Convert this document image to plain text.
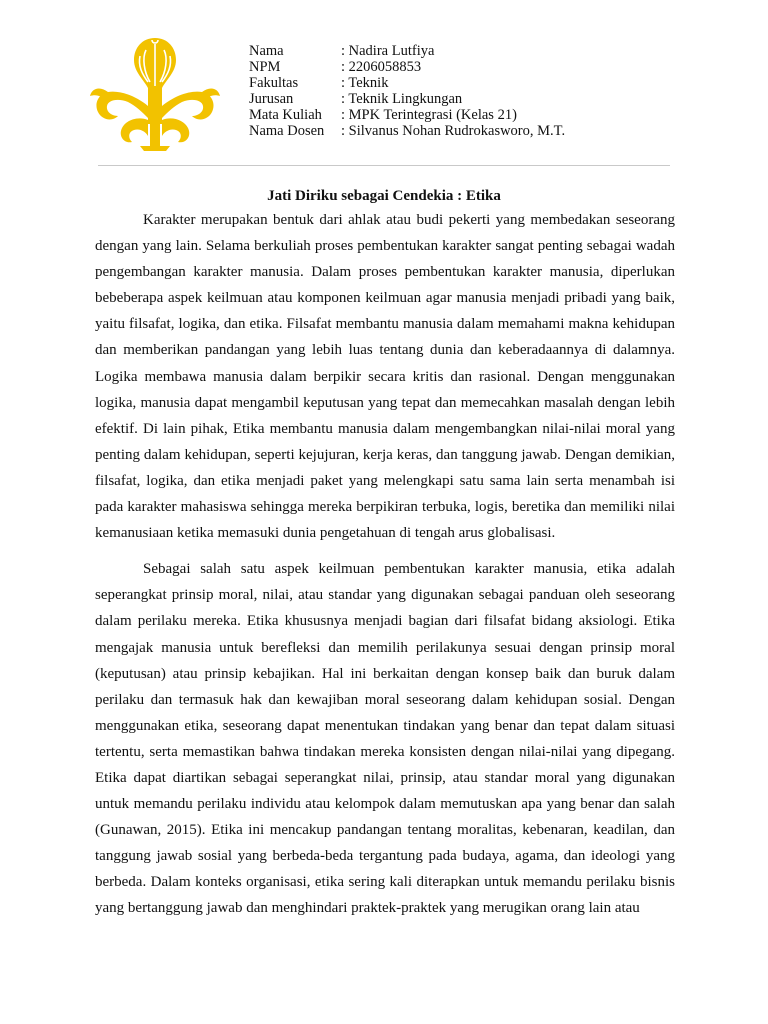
Nama	: Nadira Lutfiya
NPM	: 2206058853
Fakultas	: Teknik
Jurusan	: Teknik Lingkungan
Mata Kuliah	: MPK Terintegrasi (Kelas 21)
Nama Dosen	: Silvanus Nohan Rudrokasworo, M.T.
Jati Diriku sebagai Cendekia : Etika

Karakter merupakan bentuk dari ahlak atau budi pekerti yang membedakan seseorang dengan yang lain. Selama berkuliah proses pembentukan karakter sangat penting sebagai wadah pengembangan karakter manusia. Dalam proses pembentukan karakter manusia, diperlukan bebeberapa aspek keilmuan atau komponen keilmuan agar manusia menjadi pribadi yang baik, yaitu filsafat, logika, dan etika. Filsafat membantu manusia dalam memahami makna kehidupan dan memberikan pandangan yang lebih luas tentang dunia dan keberadaannya di dalamnya. Logika membawa manusia dalam berpikir secara kritis dan rasional. Dengan menggunakan logika, manusia dapat mengambil keputusan yang tepat dan memecahkan masalah dengan lebih efektif. Di lain pihak, Etika membantu manusia dalam mengembangkan nilai-nilai moral yang penting dalam kehidupan, seperti kejujuran, kerja keras, dan tanggung jawab. Dengan demikian, filsafat, logika, dan etika menjadi paket yang melengkapi satu sama lain serta menambah isi pada karakter mahasiswa sehingga mereka berpikiran terbuka, logis, beretika dan memiliki nilai kemanusiaan ketika memasuki dunia pengetahuan di tengah arus globalisasi.

Sebagai salah satu aspek keilmuan pembentukan karakter manusia, etika adalah seperangkat prinsip moral, nilai, atau standar yang digunakan sebagai panduan oleh seseorang dalam perilaku mereka. Etika khususnya menjadi bagian dari filsafat bidang aksiologi. Etika mengajak manusia untuk berefleksi dan memilih perilakunya sesuai dengan prinsip moral (keputusan) atau prinsip kebajikan. Hal ini berkaitan dengan konsep baik dan buruk dalam perilaku dan termasuk hak dan kewajiban moral seseorang dalam kehidupan sosial. Dengan menggunakan etika, seseorang dapat menentukan tindakan yang benar dan tepat dalam situasi tertentu, serta memastikan bahwa tindakan mereka konsisten dengan nilai-nilai yang dipegang. Etika dapat diartikan sebagai seperangkat nilai, prinsip, atau standar moral yang digunakan untuk memandu perilaku individu atau kelompok dalam memutuskan apa yang benar dan salah (Gunawan, 2015). Etika ini mencakup pandangan tentang moralitas, kebenaran, keadilan, dan tanggung jawab sosial yang berbeda-beda tergantung pada budaya, agama, dan ideologi yang berbeda. Dalam konteks organisasi, etika sering kali diterapkan untuk memandu perilaku bisnis yang bertanggung jawab dan menghindari praktek-praktek yang merugikan orang lain atau
